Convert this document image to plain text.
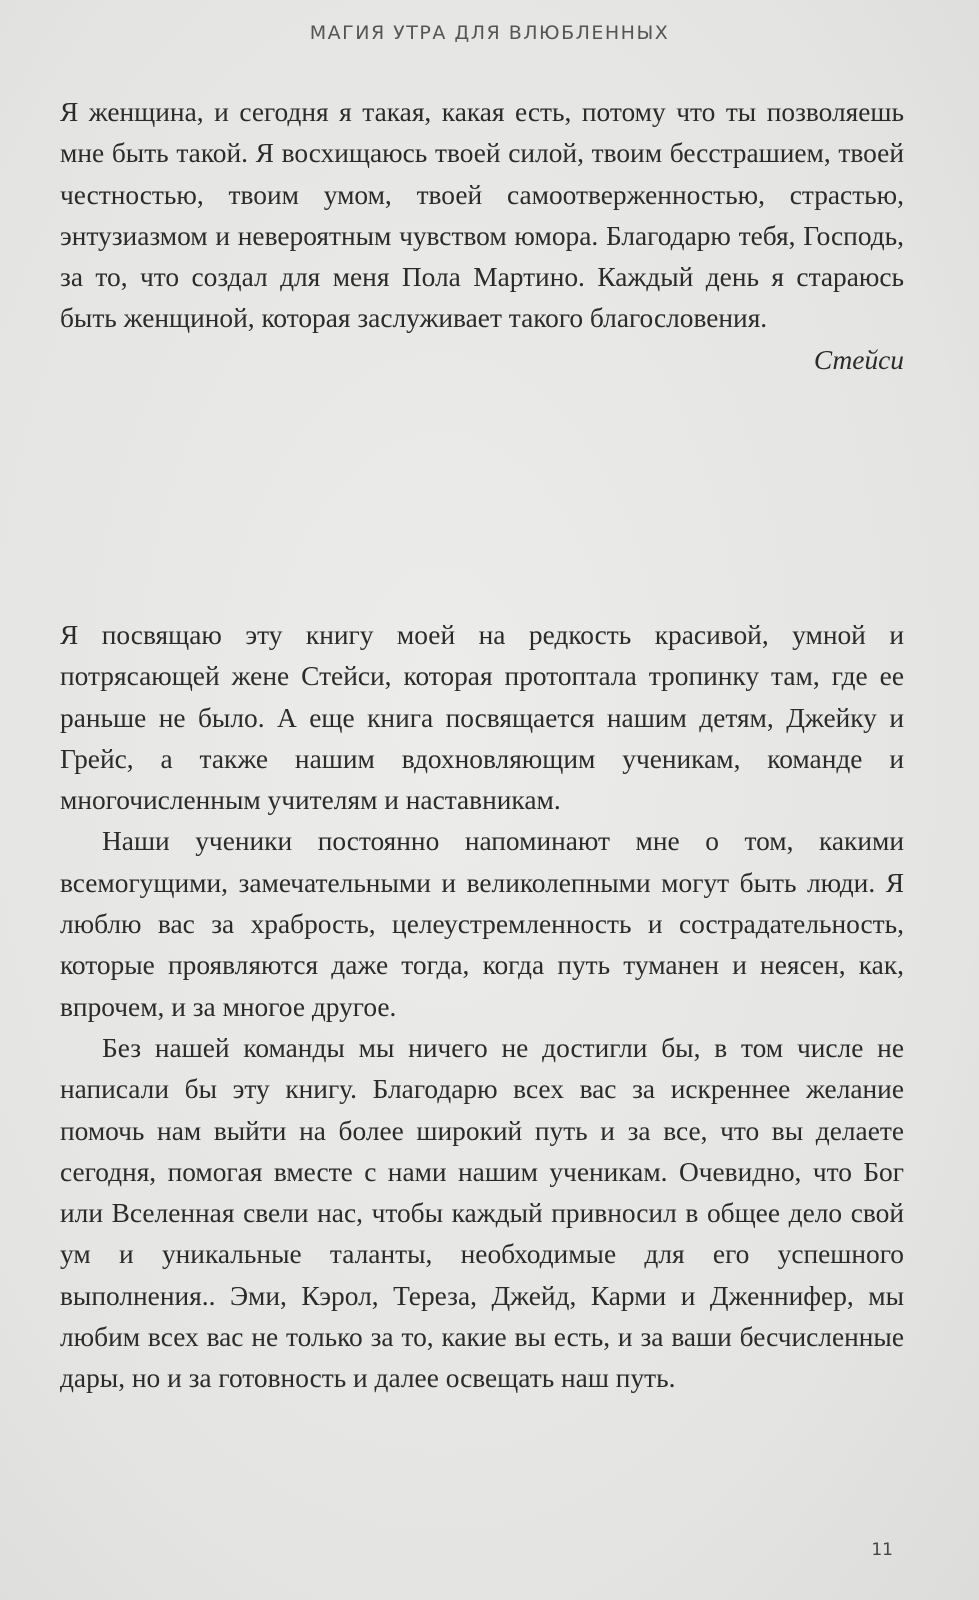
МАГИЯ УТРА ДЛЯ ВЛЮБЛЕННЫХ

Я женщина, и сегодня я такая, какая есть, потому что ты позволяешь мне быть такой. Я восхищаюсь твоей силой, твоим бесстрашием, твоей честностью, твоим умом, твоей самоотверженностью, страстью, энтузиазмом и невероятным чувством юмора. Благодарю тебя, Господь, за то, что создал для меня Пола Мартино. Каждый день я стараюсь быть женщиной, которая заслуживает такого благословения.

Стейси

Я посвящаю эту книгу моей на редкость красивой, умной и потрясающей жене Стейси, которая протоптала тропинку там, где ее раньше не было. А еще книга посвящается нашим детям, Джейку и Грейс, а также нашим вдохновляющим ученикам, команде и многочисленным учителям и наставникам.

Наши ученики постоянно напоминают мне о том, какими всемогущими, замечательными и великолепными могут быть люди. Я люблю вас за храбрость, целеустремленность и сострадательность, которые проявляются даже тогда, когда путь туманен и неясен, как, впрочем, и за многое другое.

Без нашей команды мы ничего не достигли бы, в том числе не написали бы эту книгу. Благодарю всех вас за искреннее желание помочь нам выйти на более широкий путь и за все, что вы делаете сегодня, помогая вместе с нами нашим ученикам. Очевидно, что Бог или Вселенная свели нас, чтобы каждый привносил в общее дело свой ум и уникальные таланты, необходимые для его успешного выполнения.. Эми, Кэрол, Тереза, Джейд, Карми и Дженнифер, мы любим всех вас не только за то, какие вы есть, и за ваши бесчисленные дары, но и за готовность и далее освещать наш путь.

11
